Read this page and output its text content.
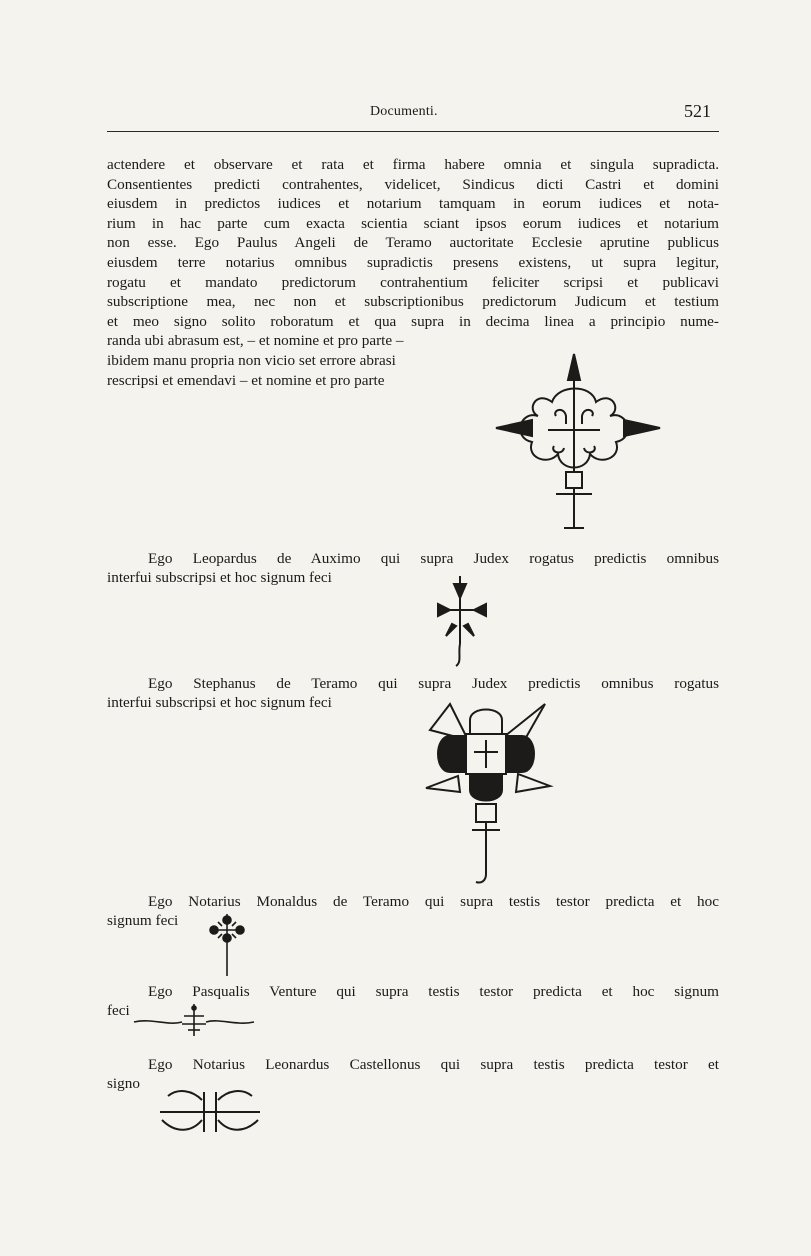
Documenti.	521
actendere et observare et rata et firma habere omnia et singula supradicta.
Consentientes predicti contrahentes, videlicet, Sindicus dicti Castri et domini
eiusdem in predictos iudices et notarium tamquam in eorum iudices et nota-
rium in hac parte cum exacta scientia sciant ipsos eorum iudices et notarium
non esse. Ego Paulus Angeli de Teramo auctoritate Ecclesie aprutine publicus
eiusdem terre notarius omnibus supradictis presens existens, ut supra legitur,
rogatu et mandato predictorum contrahentium feliciter scripsi et publicavi
subscriptione mea, nec non et subscriptionibus predictorum Judicum et testium
et meo signo solito roboratum et qua supra in decima linea a principio nume-
randa ubi abrasum est, – et nomine et pro parte –
ibidem manu propria non vicio set errore abrasi
rescripsi et emendavi – et nomine et pro parte
Ego Leopardus de Auximo qui supra Judex rogatus predictis omnibus
interfui subscripsi et hoc signum feci
Ego Stephanus de Teramo qui supra Judex predictis omnibus rogatus
interfui subscripsi et hoc signum feci
Ego Notarius Monaldus de Teramo qui supra testis testor predicta et hoc
signum feci
Ego Pasqualis Venture qui supra testis testor predicta et hoc signum
feci
Ego Notarius Leonardus Castellonus qui supra testis predicta testor et
signo
